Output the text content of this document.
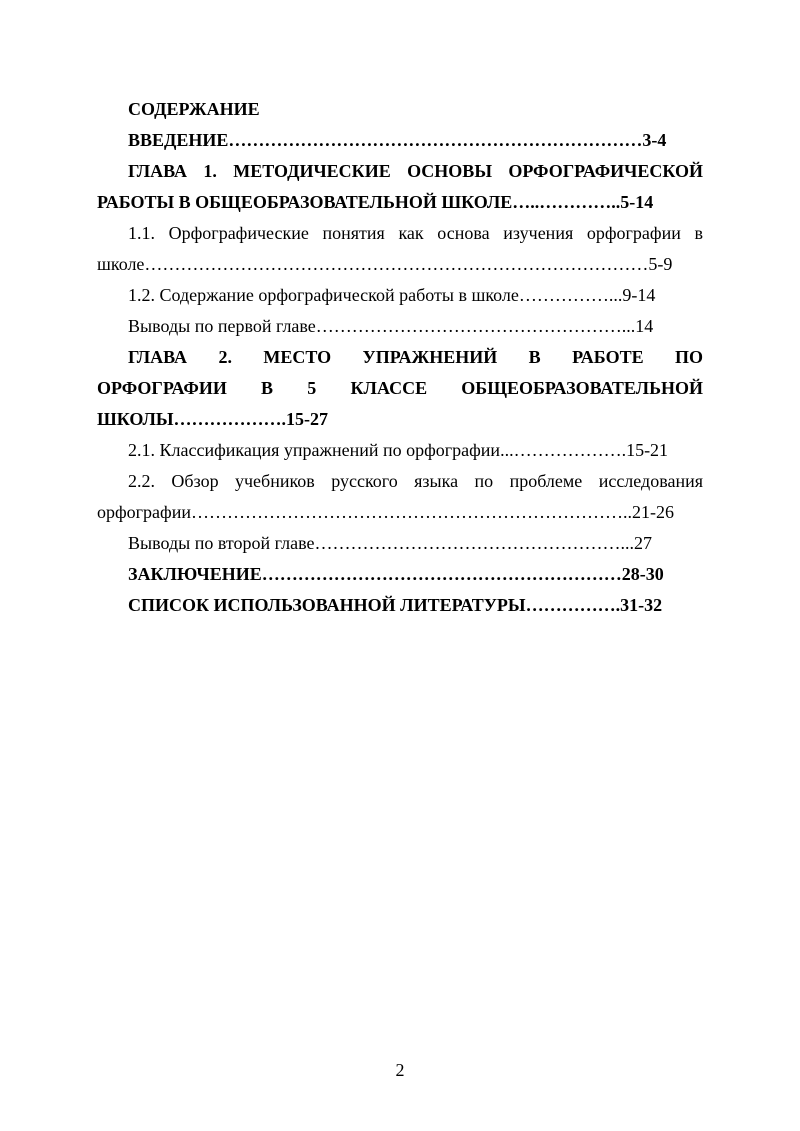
СОДЕРЖАНИЕ
ВВЕДЕНИЕ……………………………………………………………3-4
ГЛАВА 1. МЕТОДИЧЕСКИЕ ОСНОВЫ ОРФОГРАФИЧЕСКОЙ
РАБОТЫ В ОБЩЕОБРАЗОВАТЕЛЬНОЙ ШКОЛЕ…..…………..5-14
1.1. Орфографические понятия как основа изучения орфографии в
школе…………………………………………………………………………5-9
1.2. Содержание орфографической работы в школе……………...9-14
Выводы по первой главе……………………………………………...14
ГЛАВА 2. МЕСТО УПРАЖНЕНИЙ В РАБОТЕ ПО
ОРФОГРАФИИ В 5 КЛАССЕ ОБЩЕОБРАЗОВАТЕЛЬНОЙ
ШКОЛЫ……………….15-27
2.1. Классификация упражнений по орфографии...……………….15-21
2.2. Обзор учебников русского языка по проблеме исследования
орфографии………………………………………………………………..21-26
Выводы по второй главе……………………………………………...27
ЗАКЛЮЧЕНИЕ……………………………………………………28-30
СПИСОК ИСПОЛЬЗОВАННОЙ ЛИТЕРАТУРЫ…………….31-32
2
